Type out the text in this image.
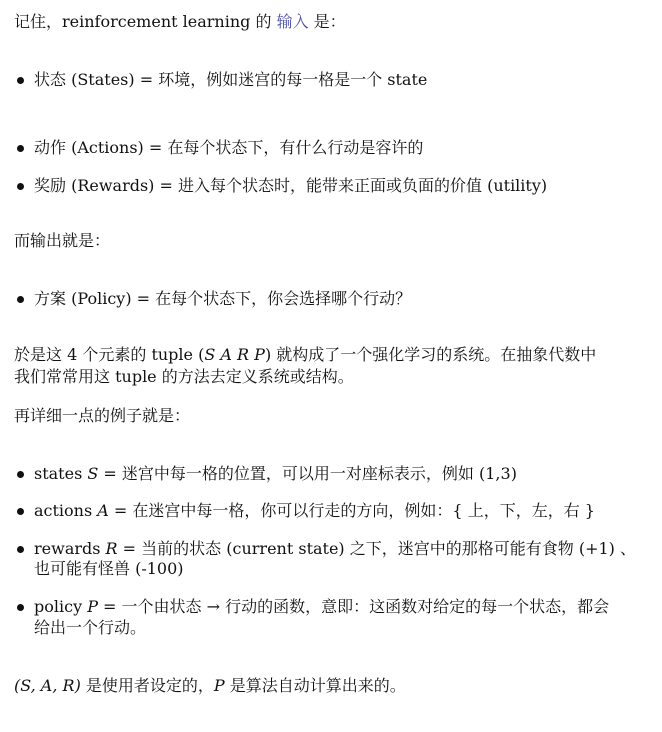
记住，reinforcement learning 的 输入 是：
状态 (States) = 环境，例如迷宫的每一格是一个 state
动作 (Actions) = 在每个状态下，有什么行动是容许的
奖励 (Rewards) = 进入每个状态时，能带来正面或负面的价值 (utility)
而输出就是：
方案 (Policy) = 在每个状态下，你会选择哪个行动？
於是这 4 个元素的 tuple (S A R P) 就构成了一个强化学习的系统。在抽象代数中
我们常常用这 tuple 的方法去定义系统或结构。
再详细一点的例子就是：
states S = 迷宫中每一格的位置，可以用一对座标表示，例如 (1,3)
actions A = 在迷宫中每一格，你可以行走的方向，例如：{ 上，下，左，右 }
rewards R = 当前的状态 (current state) 之下，迷宫中的那格可能有食物 (+1) 、
也可能有怪兽 (-100)
policy P = 一个由状态 → 行动的函数，意即：这函数对给定的每一个状态，都会
给出一个行动。
(S, A, R) 是使用者设定的，P 是算法自动计算出来的。
